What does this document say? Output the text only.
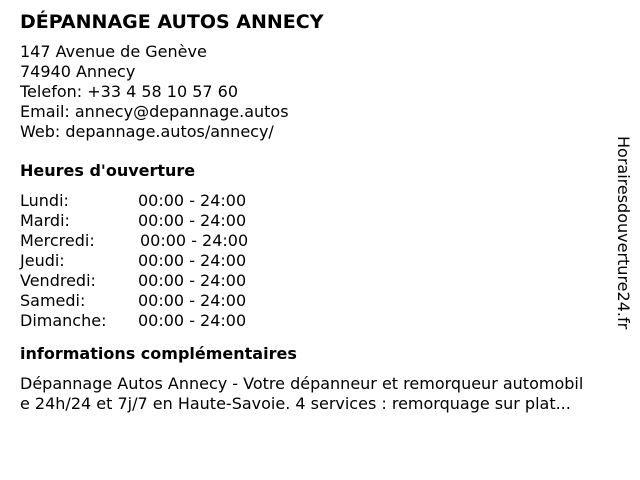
DÉPANNAGE AUTOS ANNECY
147 Avenue de Genève
74940 Annecy
Telefon: +33 4 58 10 57 60
Email: annecy@depannage.autos
Web: depannage.autos/annecy/
Heures d'ouverture
Lundi:	00:00 - 24:00
Mardi:	00:00 - 24:00
Mercredi:	00:00 - 24:00
Jeudi:	00:00 - 24:00
Vendredi:	00:00 - 24:00
Samedi:	00:00 - 24:00
Dimanche:	00:00 - 24:00
informations complémentaires
Dépannage Autos Annecy - Votre dépanneur et remorqueur automobil
e 24h/24 et 7j/7 en Haute-Savoie. 4 services : remorquage sur plat...
Horairesdouverture24.fr
